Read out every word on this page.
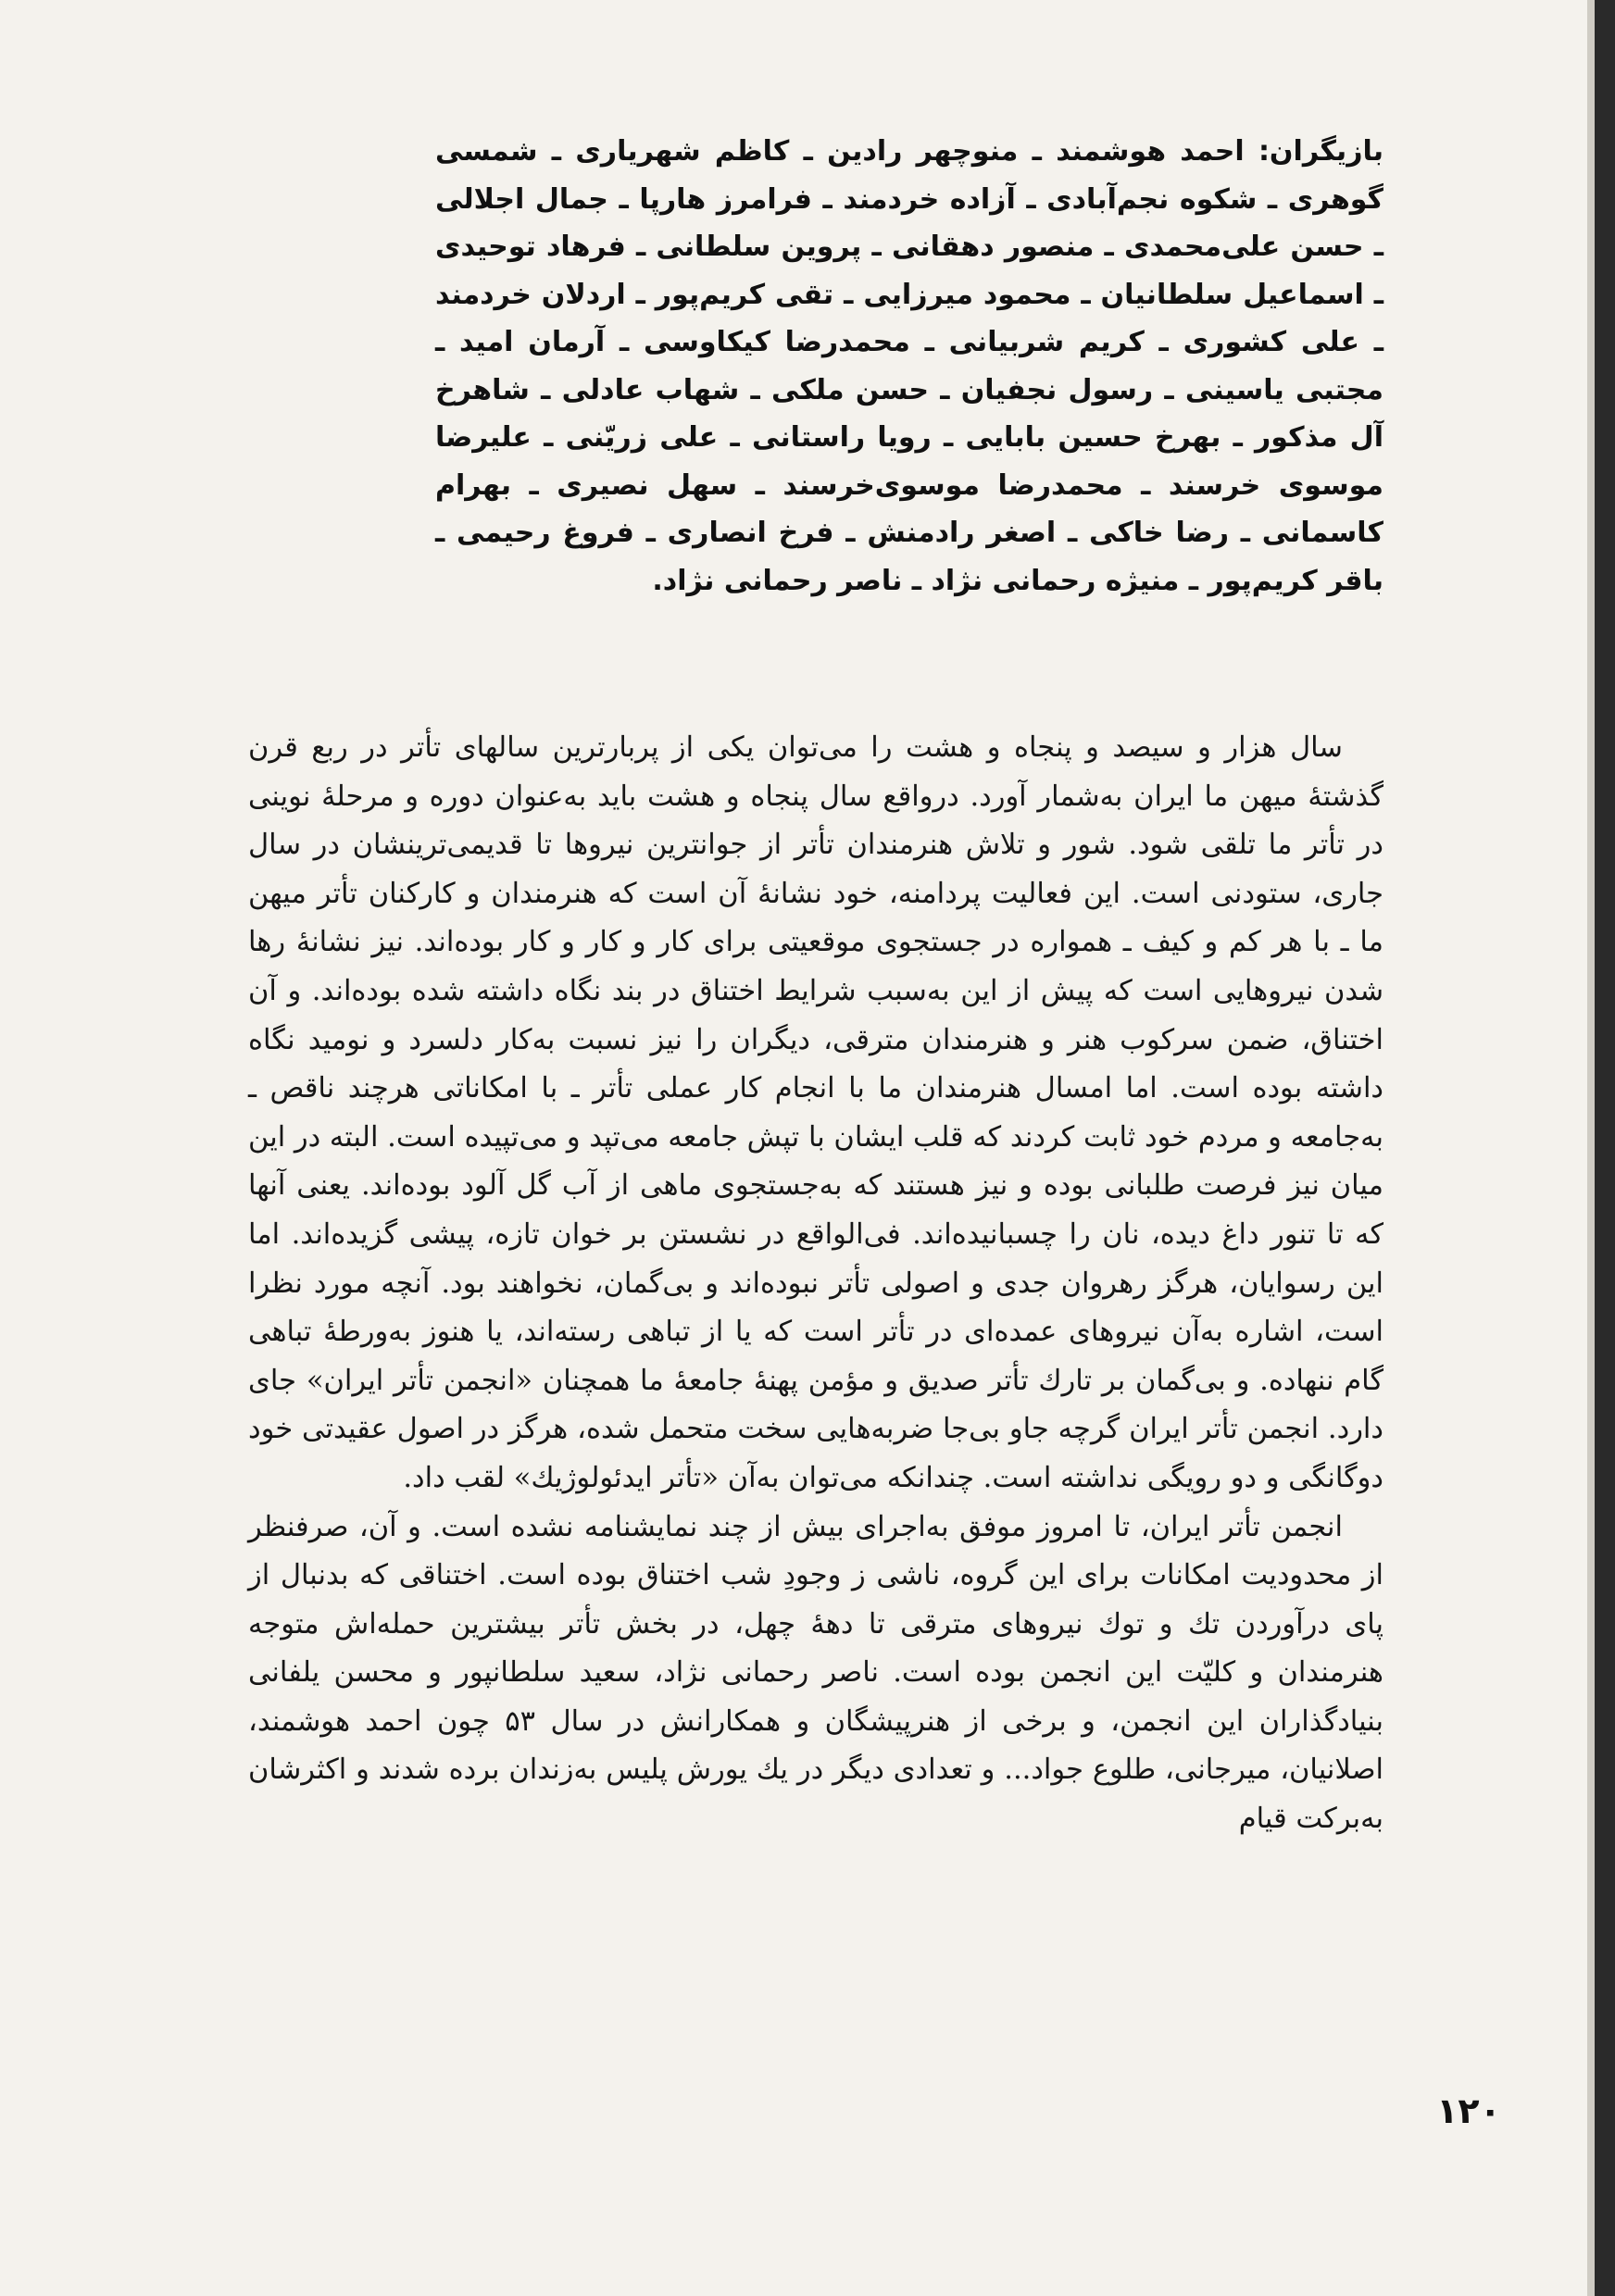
بازیگران: احمد هوشمند ـ منوچهر رادین ـ کاظم شهریاری ـ شمسی گوهری ـ شکوه نجم‌آبادی ـ آزاده خردمند ـ فرامرز هارپا ـ جمال اجلالی ـ حسن علی‌محمدی ـ منصور دهقانی ـ پروین سلطانی ـ فرهاد توحیدی ـ اسماعیل سلطانیان ـ محمود میرزایی ـ تقی کریم‌پور ـ اردلان خردمند ـ علی کشوری ـ کریم شربیانی ـ محمدرضا کیکاوسی ـ آرمان امید ـ مجتبی یاسینی ـ رسول نجفیان ـ حسن ملکی ـ شهاب عادلی ـ شاهرخ آل مذکور ـ بهرخ حسین بابایی ـ رویا راستانی ـ علی زریّنی ـ علیرضا موسوی خرسند ـ محمدرضا موسوی‌خرسند ـ سهل نصیری ـ بهرام کاسمانی ـ رضا خاکی ـ اصغر رادمنش ـ فرخ انصاری ـ فروغ رحیمی ـ باقر کریم‌پور ـ منیژه رحمانی نژاد ـ ناصر رحمانی نژاد.

سال هزار و سیصد و پنجاه و هشت را می‌توان یکی از پربارترین سالهای تأتر در ربع قرن گذشتهٔ میهن ما ایران به‌شمار آورد. درواقع سال پنجاه و هشت باید به‌عنوان دوره و مرحلهٔ نوینی در تأتر ما تلقی شود. شور و تلاش هنرمندان تأتر از جوانترین نیروها تا قدیمی‌ترینشان در سال جاری، ستودنی است. این فعالیت پردامنه، خود نشانهٔ آن است که هنرمندان و کارکنان تأتر میهن ما ـ با هر کم و کیف ـ همواره در جستجوی موقعیتی برای کار و کار و کار بوده‌اند. نیز نشانهٔ رها شدن نیروهایی است که پیش از این به‌سبب شرایط اختناق در بند نگاه داشته شده بوده‌اند. و آن اختناق، ضمن سرکوب هنر و هنرمندان مترقی، دیگران را نیز نسبت به‌کار دلسرد و نومید نگاه داشته بوده است. اما امسال هنرمندان ما با انجام کار عملی تأتر ـ با امکاناتی هرچند ناقص ـ به‌جامعه و مردم خود ثابت کردند که قلب ایشان با تپش جامعه می‌تپد و می‌تپیده است. البته در این میان نیز فرصت طلبانی بوده و نیز هستند که به‌جستجوی ماهی از آب گل آلود بوده‌اند. یعنی آنها که تا تنور داغ دیده، نان را چسبانیده‌اند. فی‌الواقع در نشستن بر خوان تازه، پیشی گزیده‌اند. اما این رسوایان، هرگز رهروان جدی و اصولی تأتر نبوده‌اند و بی‌گمان، نخواهند بود. آنچه مورد نظرا است، اشاره به‌آن نیروهای عمده‌ای در تأتر است که یا از تباهی رسته‌اند، یا هنوز به‌ورطهٔ تباهی گام ننهاده. و بی‌گمان بر تارك تأتر صدیق و مؤمن پهنهٔ جامعهٔ ما همچنان «انجمن تأتر ایران» جای دارد. انجمن تأتر ایران گرچه جاو بی‌جا ضربه‌هایی سخت متحمل شده، هرگز در اصول عقیدتی خود دوگانگی و دو رویگی نداشته است. چندانکه می‌توان به‌آن «تأتر ایدئولوژیك» لقب داد.

انجمن تأتر ایران، تا امروز موفق به‌اجرای بیش از چند نمایشنامه نشده است. و آن، صرفنظر از محدودیت امکانات برای این گروه، ناشی ز وجودِ شب اختناق بوده است. اختناقی که بدنبال از پای درآوردن تك و توك نیروهای مترقی تا دههٔ چهل، در بخش تأتر بیشترین حمله‌اش متوجه هنرمندان و کلیّت این انجمن بوده است. ناصر رحمانی نژاد، سعید سلطانپور و محسن یلفانی بنیادگذاران این انجمن، و برخی از هنرپیشگان و همکارانش در سال ۵۳ چون احمد هوشمند، اصلانیان، میرجانی، طلوع جواد... و تعدادی دیگر در یك یورش پلیس به‌زندان برده شدند و اکثرشان به‌برکت قیام

۱۲۰
